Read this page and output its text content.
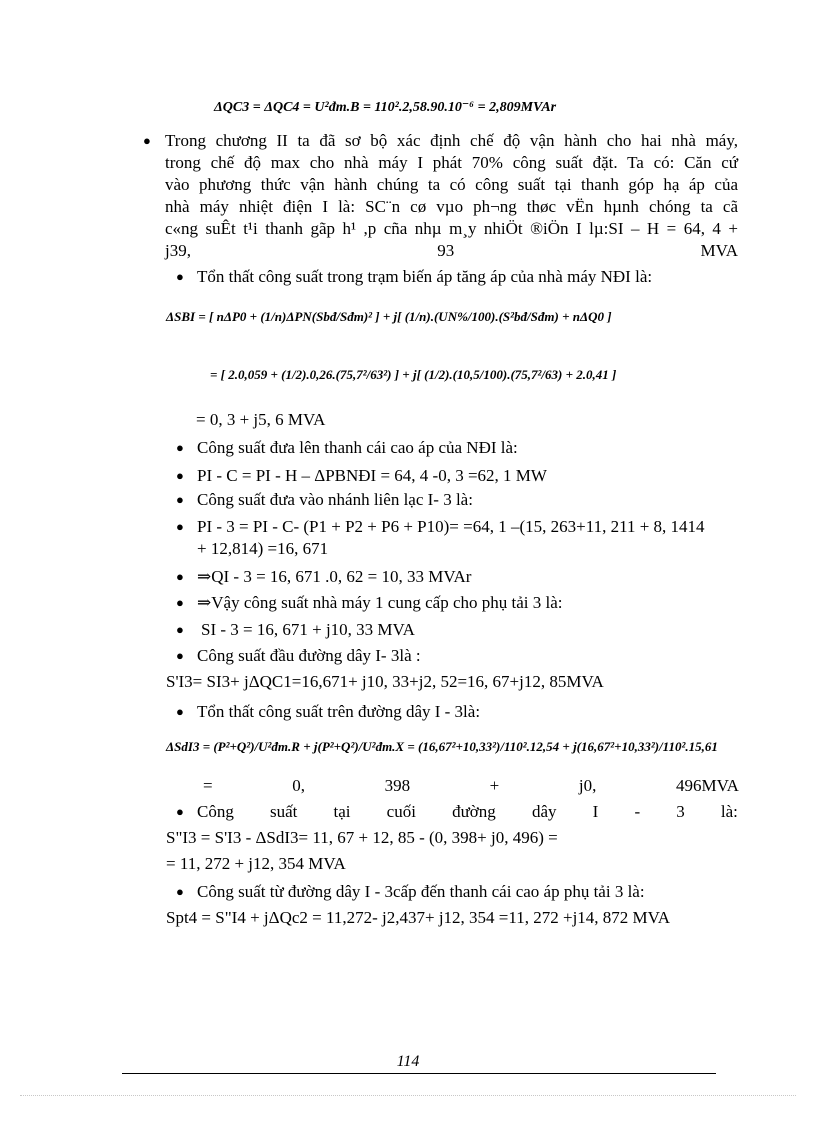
ΔQC3 = ΔQC4 = U²đm.B = 110².2,58.90.10⁻⁶ = 2,809MVAr
● Trong chương II ta đã sơ bộ xác định chế độ vận hành cho hai nhà máy,
trong chế độ max cho nhà máy I phát 70% công suất đặt. Ta có: Căn cứ
vào phương thức vận hành chúng ta có công suất tại thanh góp hạ áp của
nhà máy nhiệt điện I là: SC¨n cø vµo ph¬ng thøc vËn hµnh chóng ta cã
c«ng suÊt t¹i thanh gãp h¹ ,p cña nhµ m¸y nhiÖt ®iÖn I lµ:SI – H = 64, 4 +
j39,	93	MVA
● Tổn thất công suất trong trạm biến áp tăng áp của nhà máy NĐI là:
ΔSBI = [ nΔP0 + (1/n)ΔPN(Sbđ/Sđm)² ] + j[ (1/n).(UN%/100).(S²bđ/Sđm) + nΔQ0 ]
= [ 2.0,059 + (1/2).0,26.(75,7²/63²) ] + j[ (1/2).(10,5/100).(75,7²/63) + 2.0,41 ]
= 0, 3 + j5, 6 MVA
● Công suất đưa lên thanh cái cao áp của NĐI là:
● PI - C = PI - H – ΔPBNĐI = 64, 4 -0, 3 =62, 1 MW
● Công suất đưa vào nhánh liên lạc I- 3 là:
● PI - 3 = PI - C- (P1 + P2 + P6 + P10)= =64, 1 –(15, 263+11, 211 + 8, 1414
+ 12,814) =16, 671
● ⇒QI - 3 = 16, 671 .0, 62 = 10, 33 MVAr
● ⇒Vậy công suất nhà máy 1 cung cấp cho phụ tải 3 là:
● SI - 3 = 16, 671 + j10, 33 MVA
● Công suất đầu đường dây I- 3là :
S'I3= SI3+ jΔQC1=16,671+ j10, 33+j2, 52=16, 67+j12, 85MVA
● Tổn thất công suất trên đường dây I - 3là:
ΔSdI3 = (P²+Q²)/U²đm.R + j(P²+Q²)/U²đm.X = (16,67²+10,33²)/110².12,54 + j(16,67²+10,33²)/110².15,61
=	0,	398	+	j0,	496MVA
● Công suất tại cuối đường dây I - 3 là:
S"I3 = S'I3 - ΔSdI3= 11, 67 + 12, 85 - (0, 398+ j0, 496) =
= 11, 272 + j12, 354 MVA
● Công suất từ đường dây I - 3cấp đến thanh cái cao áp phụ tải 3 là:
Spt4 = S"I4 + jΔQc2 = 11,272- j2,437+ j12, 354 =11, 272 +j14, 872 MVA
114
